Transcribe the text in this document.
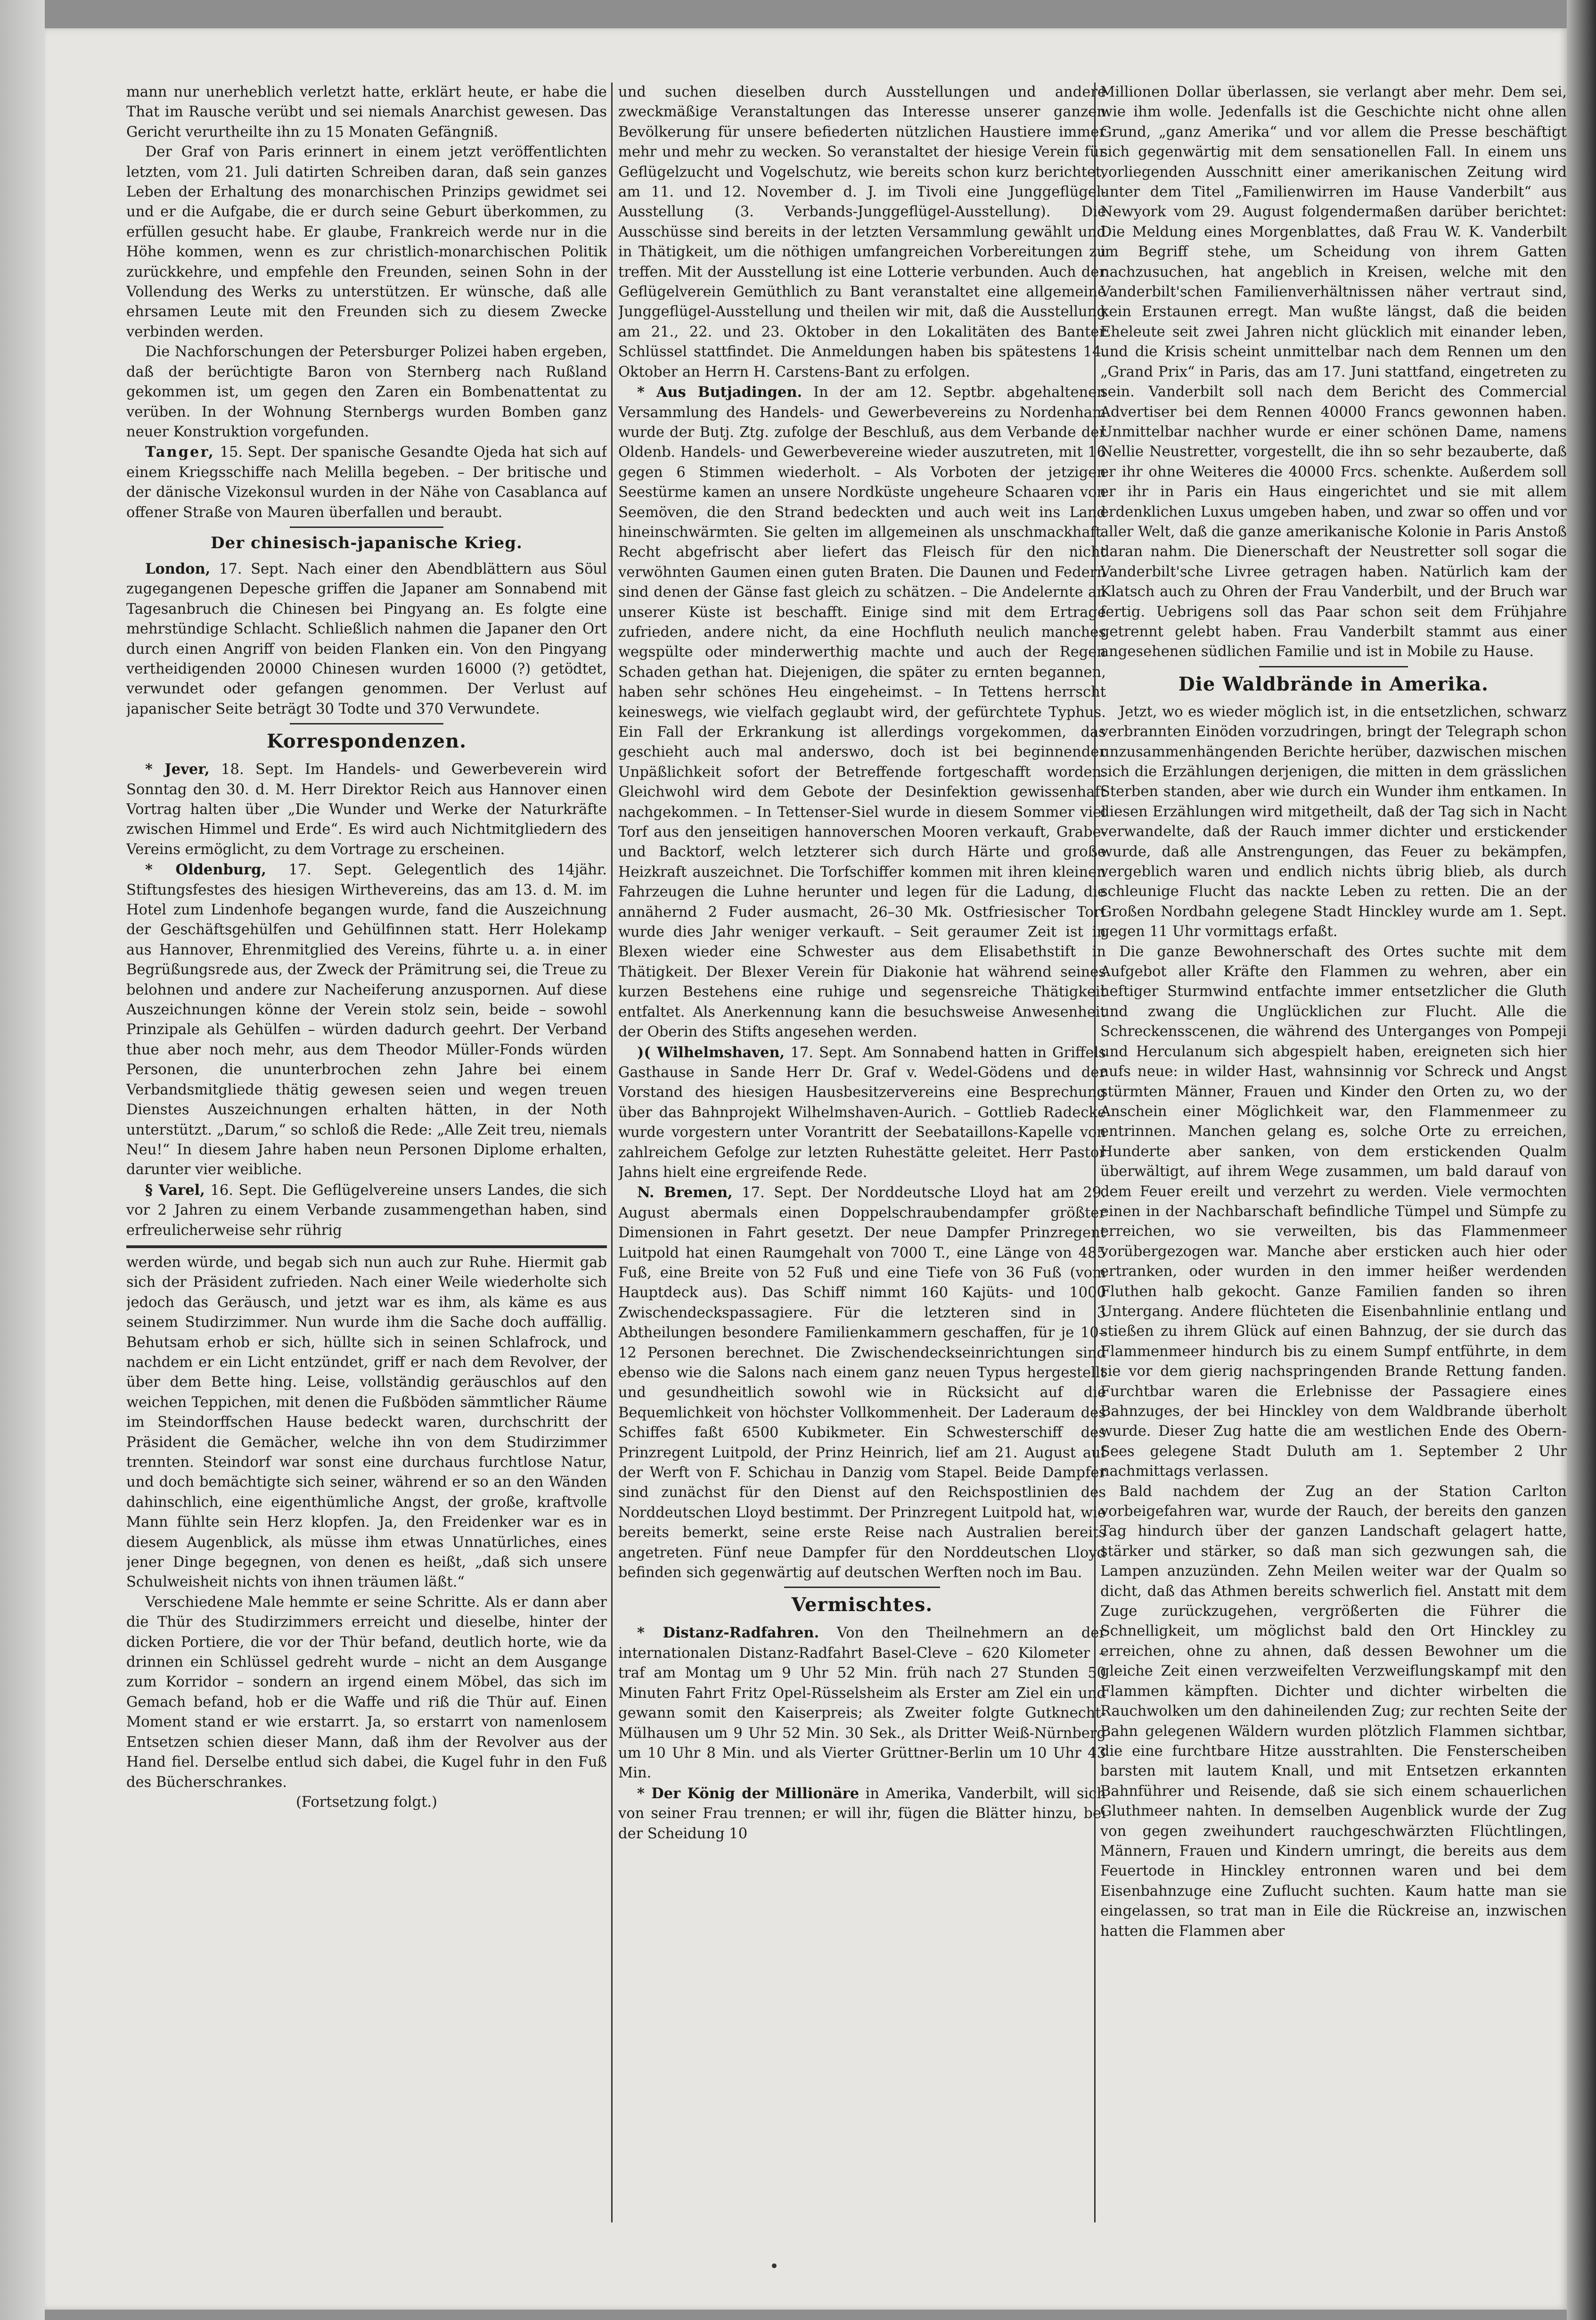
mann nur unerheblich verletzt hatte, erklärt heute, er habe die That im Rausche verübt und sei niemals Anarchist gewesen. Das Gericht verurtheilte ihn zu 15 Monaten Gefängniß.

Der Graf von Paris erinnert in einem jetzt veröffentlichten letzten, vom 21. Juli datirten Schreiben daran, daß sein ganzes Leben der Erhaltung des monarchischen Prinzips gewidmet sei und er die Aufgabe, die er durch seine Geburt überkommen, zu erfüllen gesucht habe. Er glaube, Frankreich werde nur in die Höhe kommen, wenn es zur christlich-monarchischen Politik zurückkehre, und empfehle den Freunden, seinen Sohn in der Vollendung des Werks zu unterstützen. Er wünsche, daß alle ehrsamen Leute mit den Freunden sich zu diesem Zwecke verbinden werden.

Die Nachforschungen der Petersburger Polizei haben ergeben, daß der berüchtigte Baron von Sternberg nach Rußland gekommen ist, um gegen den Zaren ein Bombenattentat zu verüben. In der Wohnung Sternbergs wurden Bomben ganz neuer Konstruktion vorgefunden.

Tanger, 15. Sept. Der spanische Gesandte Ojeda hat sich auf einem Kriegsschiffe nach Melilla begeben. – Der britische und der dänische Vizekonsul wurden in der Nähe von Casablanca auf offener Straße von Mauren überfallen und beraubt.

Der chinesisch-japanische Krieg.

London, 17. Sept. Nach einer den Abendblättern aus Söul zugegangenen Depesche griffen die Japaner am Sonnabend mit Tagesanbruch die Chinesen bei Pingyang an. Es folgte eine mehrstündige Schlacht. Schließlich nahmen die Japaner den Ort durch einen Angriff von beiden Flanken ein. Von den Pingyang vertheidigenden 20000 Chinesen wurden 16000 (?) getödtet, verwundet oder gefangen genommen. Der Verlust auf japanischer Seite beträgt 30 Todte und 370 Verwundete.

Korrespondenzen.

* Jever, 18. Sept. Im Handels- und Gewerbeverein wird Sonntag den 30. d. M. Herr Direktor Reich aus Hannover einen Vortrag halten über „Die Wunder und Werke der Naturkräfte zwischen Himmel und Erde“. Es wird auch Nichtmitgliedern des Vereins ermöglicht, zu dem Vortrage zu erscheinen.

* Oldenburg, 17. Sept. Gelegentlich des 14jähr. Stiftungsfestes des hiesigen Wirthevereins, das am 13. d. M. im Hotel zum Lindenhofe begangen wurde, fand die Auszeichnung der Geschäftsgehülfen und Gehülfinnen statt. Herr Holekamp aus Hannover, Ehrenmitglied des Vereins, führte u. a. in einer Begrüßungsrede aus, der Zweck der Prämitrung sei, die Treue zu belohnen und andere zur Nacheiferung anzuspornen. Auf diese Auszeichnungen könne der Verein stolz sein, beide – sowohl Prinzipale als Gehülfen – würden dadurch geehrt. Der Verband thue aber noch mehr, aus dem Theodor Müller-Fonds würden Personen, die ununterbrochen zehn Jahre bei einem Verbandsmitgliede thätig gewesen seien und wegen treuen Dienstes Auszeichnungen erhalten hätten, in der Noth unterstützt. „Darum,“ so schloß die Rede: „Alle Zeit treu, niemals Neu!“ In diesem Jahre haben neun Personen Diplome erhalten, darunter vier weibliche.

§ Varel, 16. Sept. Die Geflügelvereine unsers Landes, die sich vor 2 Jahren zu einem Verbande zusammengethan haben, sind erfreulicherweise sehr rührig

werden würde, und begab sich nun auch zur Ruhe. Hiermit gab sich der Präsident zufrieden. Nach einer Weile wiederholte sich jedoch das Geräusch, und jetzt war es ihm, als käme es aus seinem Studirzimmer. Nun wurde ihm die Sache doch auffällig. Behutsam erhob er sich, hüllte sich in seinen Schlafrock, und nachdem er ein Licht entzündet, griff er nach dem Revolver, der über dem Bette hing. Leise, vollständig geräuschlos auf den weichen Teppichen, mit denen die Fußböden sämmtlicher Räume im Steindorffschen Hause bedeckt waren, durchschritt der Präsident die Gemächer, welche ihn von dem Studirzimmer trennten. Steindorf war sonst eine durchaus furchtlose Natur, und doch bemächtigte sich seiner, während er so an den Wänden dahinschlich, eine eigenthümliche Angst, der große, kraftvolle Mann fühlte sein Herz klopfen. Ja, den Freidenker war es in diesem Augenblick, als müsse ihm etwas Unnatürliches, eines jener Dinge begegnen, von denen es heißt, „daß sich unsere Schulweisheit nichts von ihnen träumen läßt.“

Verschiedene Male hemmte er seine Schritte. Als er dann aber die Thür des Studirzimmers erreicht und dieselbe, hinter der dicken Portiere, die vor der Thür befand, deutlich horte, wie da drinnen ein Schlüssel gedreht wurde – nicht an dem Ausgange zum Korridor – sondern an irgend einem Möbel, das sich im Gemach befand, hob er die Waffe und riß die Thür auf. Einen Moment stand er wie erstarrt. Ja, so erstarrt von namenlosem Entsetzen schien dieser Mann, daß ihm der Revolver aus der Hand fiel. Derselbe entlud sich dabei, die Kugel fuhr in den Fuß des Bücherschrankes.

(Fortsetzung folgt.)

und suchen dieselben durch Ausstellungen und andere zweckmäßige Veranstaltungen das Interesse unserer ganzen Bevölkerung für unsere befiederten nützlichen Haustiere immer mehr und mehr zu wecken. So veranstaltet der hiesige Verein für Geflügelzucht und Vogelschutz, wie bereits schon kurz berichtet, am 11. und 12. November d. J. im Tivoli eine Junggeflügel-Ausstellung (3. Verbands-Junggeflügel-Ausstellung). Die Ausschüsse sind bereits in der letzten Versammlung gewählt und in Thätigkeit, um die nöthigen umfangreichen Vorbereitungen zu treffen. Mit der Ausstellung ist eine Lotterie verbunden. Auch der Geflügelverein Gemüthlich zu Bant veranstaltet eine allgemeine Junggeflügel-Ausstellung und theilen wir mit, daß die Ausstellung am 21., 22. und 23. Oktober in den Lokalitäten des Banter Schlüssel stattfindet. Die Anmeldungen haben bis spätestens 14. Oktober an Herrn H. Carstens-Bant zu erfolgen.

* Aus Butjadingen. In der am 12. Septbr. abgehaltenen Versammlung des Handels- und Gewerbevereins zu Nordenham wurde der Butj. Ztg. zufolge der Beschluß, aus dem Verbande der Oldenb. Handels- und Gewerbevereine wieder auszutreten, mit 16 gegen 6 Stimmen wiederholt. – Als Vorboten der jetzigen Seestürme kamen an unsere Nordküste ungeheure Schaaren von Seemöven, die den Strand bedeckten und auch weit ins Land hineinschwärmten. Sie gelten im allgemeinen als unschmackhaft. Recht abgefrischt aber liefert das Fleisch für den nicht verwöhnten Gaumen einen guten Braten. Die Daunen und Federn sind denen der Gänse fast gleich zu schätzen. – Die Andelernte an unserer Küste ist beschafft. Einige sind mit dem Ertrage zufrieden, andere nicht, da eine Hochfluth neulich manches wegspülte oder minderwerthig machte und auch der Regen Schaden gethan hat. Diejenigen, die später zu ernten begannen, haben sehr schönes Heu eingeheimst. – In Tettens herrscht keineswegs, wie vielfach geglaubt wird, der gefürchtete Typhus. Ein Fall der Erkrankung ist allerdings vorgekommen, das geschieht auch mal anderswo, doch ist bei beginnender Unpäßlichkeit sofort der Betreffende fortgeschafft worden. Gleichwohl wird dem Gebote der Desinfektion gewissenhaft nachgekommen. – In Tettenser-Siel wurde in diesem Sommer viel Torf aus den jenseitigen hannoverschen Mooren verkauft, Grabe- und Backtorf, welch letzterer sich durch Härte und große Heizkraft auszeichnet. Die Torfschiffer kommen mit ihren kleinen Fahrzeugen die Luhne herunter und legen für die Ladung, die annähernd 2 Fuder ausmacht, 26–30 Mk. Ostfriesischer Torf wurde dies Jahr weniger verkauft. – Seit geraumer Zeit ist in Blexen wieder eine Schwester aus dem Elisabethstift in Thätigkeit. Der Blexer Verein für Diakonie hat während seines kurzen Bestehens eine ruhige und segensreiche Thätigkeit entfaltet. Als Anerkennung kann die besuchsweise Anwesenheit der Oberin des Stifts angesehen werden.

)( Wilhelmshaven, 17. Sept. Am Sonnabend hatten in Griffels Gasthause in Sande Herr Dr. Graf v. Wedel-Gödens und der Vorstand des hiesigen Hausbesitzervereins eine Besprechung über das Bahnprojekt Wilhelmshaven-Aurich. – Gottlieb Radecke wurde vorgestern unter Vorantritt der Seebataillons-Kapelle von zahlreichem Gefolge zur letzten Ruhestätte geleitet. Herr Pastor Jahns hielt eine ergreifende Rede.

N. Bremen, 17. Sept. Der Norddeutsche Lloyd hat am 29. August abermals einen Doppelschraubendampfer größter Dimensionen in Fahrt gesetzt. Der neue Dampfer Prinzregent Luitpold hat einen Raumgehalt von 7000 T., eine Länge von 485 Fuß, eine Breite von 52 Fuß und eine Tiefe von 36 Fuß (vom Hauptdeck aus). Das Schiff nimmt 160 Kajüts- und 1000 Zwischendeckspassagiere. Für die letzteren sind in 3 Abtheilungen besondere Familienkammern geschaffen, für je 10–12 Personen berechnet. Die Zwischendeckseinrichtungen sind ebenso wie die Salons nach einem ganz neuen Typus hergestellt und gesundheitlich sowohl wie in Rücksicht auf die Bequemlichkeit von höchster Vollkommenheit. Der Laderaum des Schiffes faßt 6500 Kubikmeter. Ein Schwesterschiff des Prinzregent Luitpold, der Prinz Heinrich, lief am 21. August auf der Werft von F. Schichau in Danzig vom Stapel. Beide Dampfer sind zunächst für den Dienst auf den Reichspostlinien des Norddeutschen Lloyd bestimmt. Der Prinzregent Luitpold hat, wie bereits bemerkt, seine erste Reise nach Australien bereits angetreten. Fünf neue Dampfer für den Norddeutschen Lloyd befinden sich gegenwärtig auf deutschen Werften noch im Bau.

Vermischtes.

* Distanz-Radfahren. Von den Theilnehmern an der internationalen Distanz-Radfahrt Basel-Cleve – 620 Kilometer – traf am Montag um 9 Uhr 52 Min. früh nach 27 Stunden 50 Minuten Fahrt Fritz Opel-Rüsselsheim als Erster am Ziel ein und gewann somit den Kaiserpreis; als Zweiter folgte Gutknecht-Mülhausen um 9 Uhr 52 Min. 30 Sek., als Dritter Weiß-Nürnberg um 10 Uhr 8 Min. und als Vierter Grüttner-Berlin um 10 Uhr 43 Min.

* Der König der Millionäre in Amerika, Vanderbilt, will sich von seiner Frau trennen; er will ihr, fügen die Blätter hinzu, bei der Scheidung 10

Millionen Dollar überlassen, sie verlangt aber mehr. Dem sei, wie ihm wolle. Jedenfalls ist die Geschichte nicht ohne allen Grund, „ganz Amerika“ und vor allem die Presse beschäftigt sich gegenwärtig mit dem sensationellen Fall. In einem uns vorliegenden Ausschnitt einer amerikanischen Zeitung wird unter dem Titel „Familienwirren im Hause Vanderbilt“ aus Newyork vom 29. August folgendermaßen darüber berichtet: Die Meldung eines Morgenblattes, daß Frau W. K. Vanderbilt im Begriff stehe, um Scheidung von ihrem Gatten nachzusuchen, hat angeblich in Kreisen, welche mit den Vanderbilt'schen Familienverhältnissen näher vertraut sind, kein Erstaunen erregt. Man wußte längst, daß die beiden Eheleute seit zwei Jahren nicht glücklich mit einander leben, und die Krisis scheint unmittelbar nach dem Rennen um den „Grand Prix“ in Paris, das am 17. Juni stattfand, eingetreten zu sein. Vanderbilt soll nach dem Bericht des Commercial Advertiser bei dem Rennen 40000 Francs gewonnen haben. Unmittelbar nachher wurde er einer schönen Dame, namens Nellie Neustretter, vorgestellt, die ihn so sehr bezauberte, daß er ihr ohne Weiteres die 40000 Frcs. schenkte. Außerdem soll er ihr in Paris ein Haus eingerichtet und sie mit allem erdenklichen Luxus umgeben haben, und zwar so offen und vor aller Welt, daß die ganze amerikanische Kolonie in Paris Anstoß daran nahm. Die Dienerschaft der Neustretter soll sogar die Vanderbilt'sche Livree getragen haben. Natürlich kam der Klatsch auch zu Ohren der Frau Vanderbilt, und der Bruch war fertig. Uebrigens soll das Paar schon seit dem Frühjahre getrennt gelebt haben. Frau Vanderbilt stammt aus einer angesehenen südlichen Familie und ist in Mobile zu Hause.

Die Waldbrände in Amerika.

Jetzt, wo es wieder möglich ist, in die entsetzlichen, schwarz verbrannten Einöden vorzudringen, bringt der Telegraph schon unzusammenhängenden Berichte herüber, dazwischen mischen sich die Erzählungen derjenigen, die mitten in dem grässlichen Sterben standen, aber wie durch ein Wunder ihm entkamen. In diesen Erzählungen wird mitgetheilt, daß der Tag sich in Nacht verwandelte, daß der Rauch immer dichter und erstickender wurde, daß alle Anstrengungen, das Feuer zu bekämpfen, vergeblich waren und endlich nichts übrig blieb, als durch schleunige Flucht das nackte Leben zu retten. Die an der Großen Nordbahn gelegene Stadt Hinckley wurde am 1. Sept. gegen 11 Uhr vormittags erfaßt.

Die ganze Bewohnerschaft des Ortes suchte mit dem Aufgebot aller Kräfte den Flammen zu wehren, aber ein heftiger Sturmwind entfachte immer entsetzlicher die Gluth und zwang die Unglücklichen zur Flucht. Alle die Schreckensscenen, die während des Unterganges von Pompeji und Herculanum sich abgespielt haben, ereigneten sich hier aufs neue: in wilder Hast, wahnsinnig vor Schreck und Angst stürmten Männer, Frauen und Kinder den Orten zu, wo der Anschein einer Möglichkeit war, den Flammenmeer zu entrinnen. Manchen gelang es, solche Orte zu erreichen, Hunderte aber sanken, von dem erstickenden Qualm überwältigt, auf ihrem Wege zusammen, um bald darauf von dem Feuer ereilt und verzehrt zu werden. Viele vermochten einen in der Nachbarschaft befindliche Tümpel und Sümpfe zu erreichen, wo sie verweilten, bis das Flammenmeer vorübergezogen war. Manche aber ersticken auch hier oder ertranken, oder wurden in den immer heißer werdenden Fluthen halb gekocht. Ganze Familien fanden so ihren Untergang. Andere flüchteten die Eisenbahnlinie entlang und stießen zu ihrem Glück auf einen Bahnzug, der sie durch das Flammenmeer hindurch bis zu einem Sumpf entführte, in dem sie vor dem gierig nachspringenden Brande Rettung fanden. Furchtbar waren die Erlebnisse der Passagiere eines Bahnzuges, der bei Hinckley von dem Waldbrande überholt wurde. Dieser Zug hatte die am westlichen Ende des Obern-Sees gelegene Stadt Duluth am 1. September 2 Uhr nachmittags verlassen.

Bald nachdem der Zug an der Station Carlton vorbeigefahren war, wurde der Rauch, der bereits den ganzen Tag hindurch über der ganzen Landschaft gelagert hatte, stärker und stärker, so daß man sich gezwungen sah, die Lampen anzuzünden. Zehn Meilen weiter war der Qualm so dicht, daß das Athmen bereits schwerlich fiel. Anstatt mit dem Zuge zurückzugehen, vergrößerten die Führer die Schnelligkeit, um möglichst bald den Ort Hinckley zu erreichen, ohne zu ahnen, daß dessen Bewohner um die gleiche Zeit einen verzweifelten Verzweiflungskampf mit den Flammen kämpften. Dichter und dichter wirbelten die Rauchwolken um den dahineilenden Zug; zur rechten Seite der Bahn gelegenen Wäldern wurden plötzlich Flammen sichtbar, die eine furchtbare Hitze ausstrahlten. Die Fensterscheiben barsten mit lautem Knall, und mit Entsetzen erkannten Bahnführer und Reisende, daß sie sich einem schauerlichen Gluthmeer nahten. In demselben Augenblick wurde der Zug von gegen zweihundert rauchgeschwärzten Flüchtlingen, Männern, Frauen und Kindern umringt, die bereits aus dem Feuertode in Hinckley entronnen waren und bei dem Eisenbahnzuge eine Zuflucht suchten. Kaum hatte man sie eingelassen, so trat man in Eile die Rückreise an, inzwischen hatten die Flammen aber
